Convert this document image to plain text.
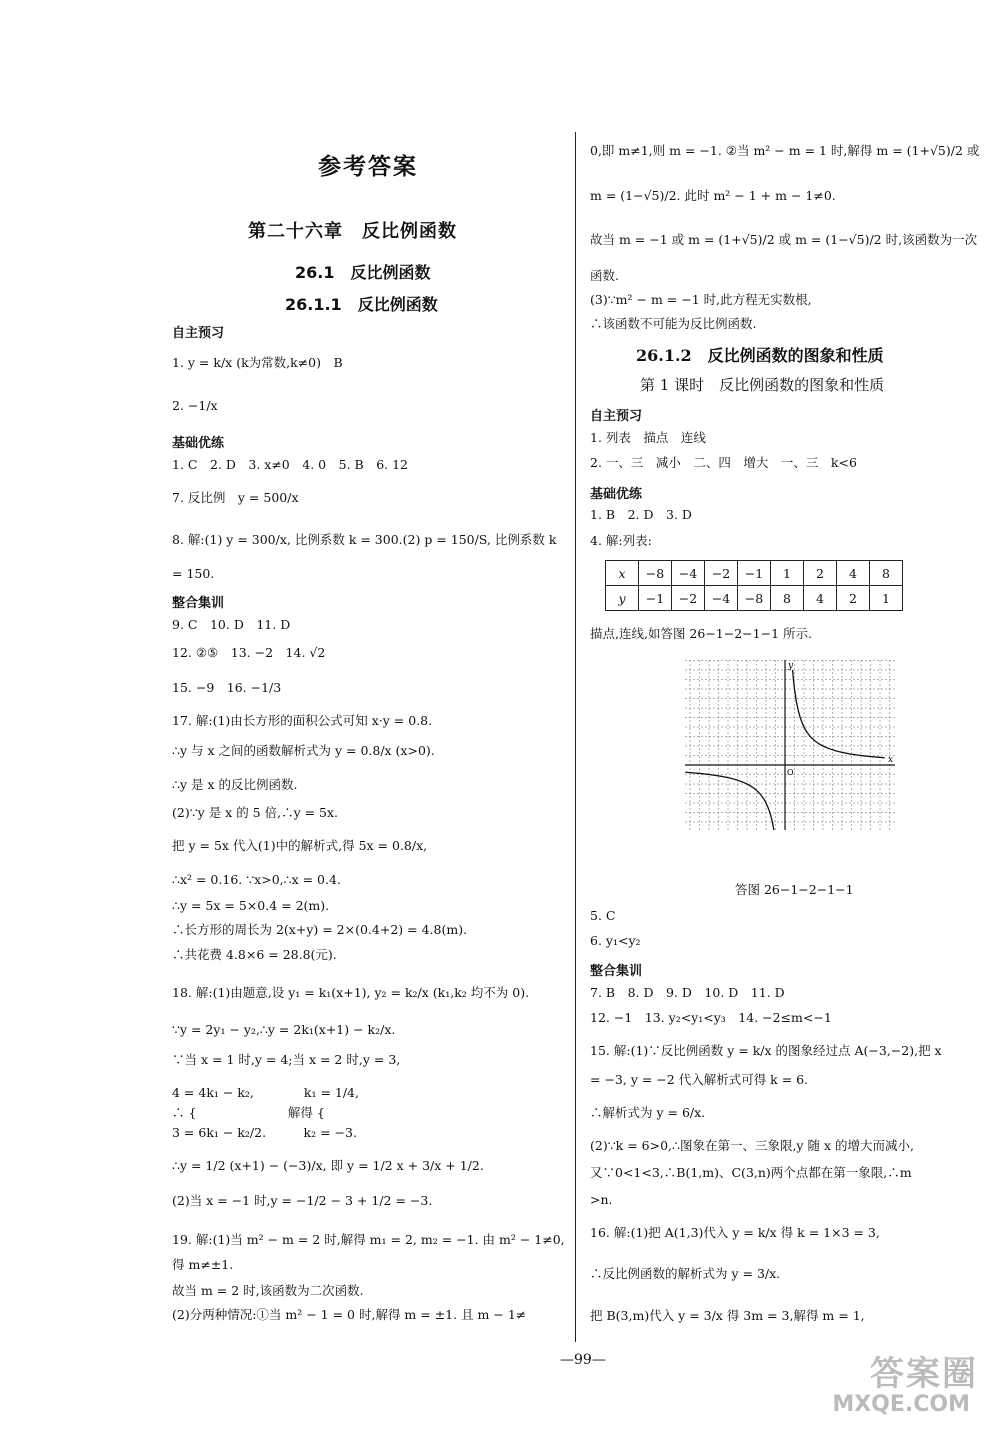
参考答案
第二十六章　反比例函数
26.1　反比例函数
26.1.1　反比例函数
自主预习
1. y = k/x (k为常数,k≠0)　B
2. −1/x
基础优练
1. C　2. D　3. x≠0　4. 0　5. B　6. 12
7. 反比例　y = 500/x
8. 解:(1) y = 300/x, 比例系数 k = 300.(2) p = 150/S, 比例系数 k
= 150.
整合集训
9. C　10. D　11. D
12. ②⑤　13. −2　14. √2
15. −9　16. −1/3
17. 解:(1)由长方形的面积公式可知 x·y = 0.8.
∴y 与 x 之间的函数解析式为 y = 0.8/x (x>0).
∴y 是 x 的反比例函数.
(2)∵y 是 x 的 5 倍,∴y = 5x.
把 y = 5x 代入(1)中的解析式,得 5x = 0.8/x,
∴x² = 0.16. ∵x>0,∴x = 0.4.
∴y = 5x = 5×0.4 = 2(m).
∴长方形的周长为 2(x+y) = 2×(0.4+2) = 4.8(m).
∴共花费 4.8×6 = 28.8(元).
18. 解:(1)由题意,设 y₁ = k₁(x+1), y₂ = k₂/x (k₁,k₂ 均不为 0).
∵y = 2y₁ − y₂,∴y = 2k₁(x+1) − k₂/x.
∵当 x = 1 时,y = 4;当 x = 2 时,y = 3,
4 = 4k₁ − k₂,　　　　k₁ = 1/4,
∴ {　　　　　　　 解得 {
3 = 6k₁ − k₂/2.　　　k₂ = −3.
∴y = 1/2 (x+1) − (−3)/x, 即 y = 1/2 x + 3/x + 1/2.
(2)当 x = −1 时,y = −1/2 − 3 + 1/2 = −3.
19. 解:(1)当 m² − m = 2 时,解得 m₁ = 2, m₂ = −1. 由 m² − 1≠0,
得 m≠±1.
故当 m = 2 时,该函数为二次函数.
(2)分两种情况:①当 m² − 1 = 0 时,解得 m = ±1. 且 m − 1≠
0,即 m≠1,则 m = −1. ②当 m² − m = 1 时,解得 m = (1+√5)/2 或
m = (1−√5)/2. 此时 m² − 1 + m − 1≠0.
故当 m = −1 或 m = (1+√5)/2 或 m = (1−√5)/2 时,该函数为一次
函数.
(3)∵m² − m = −1 时,此方程无实数根,
∴该函数不可能为反比例函数.
自主预习
1. 列表　描点　连线
2. 一、三　减小　二、四　增大　一、三　k<6
基础优练
1. B　2. D　3. D
4. 解:列表:
描点,连线,如答图 26−1−2−1−1 所示.
5. C
6. y₁<y₂
整合集训
7. B　8. D　9. D　10. D　11. D
12. −1　13. y₂<y₁<y₃　14. −2≤m<−1
15. 解:(1)∵反比例函数 y = k/x 的图象经过点 A(−3,−2),把 x
= −3, y = −2 代入解析式可得 k = 6.
∴解析式为 y = 6/x.
(2)∵k = 6>0,∴图象在第一、三象限,y 随 x 的增大而减小,
又∵0<1<3,∴B(1,m)、C(3,n)两个点都在第一象限,∴m
>n.
16. 解:(1)把 A(1,3)代入 y = k/x 得 k = 1×3 = 3,
∴反比例函数的解析式为 y = 3/x.
把 B(3,m)代入 y = 3/x 得 3m = 3,解得 m = 1,
26.1.2　反比例函数的图象和性质
第 1 课时　反比例函数的图象和性质
x	−8	−4	−2	−1	1	2	4	8
y	−1	−2	−4	−8	8	4	2	1
x
y
O
答图 26−1−2−1−1
—99—	答案圈
MXQE.COM
